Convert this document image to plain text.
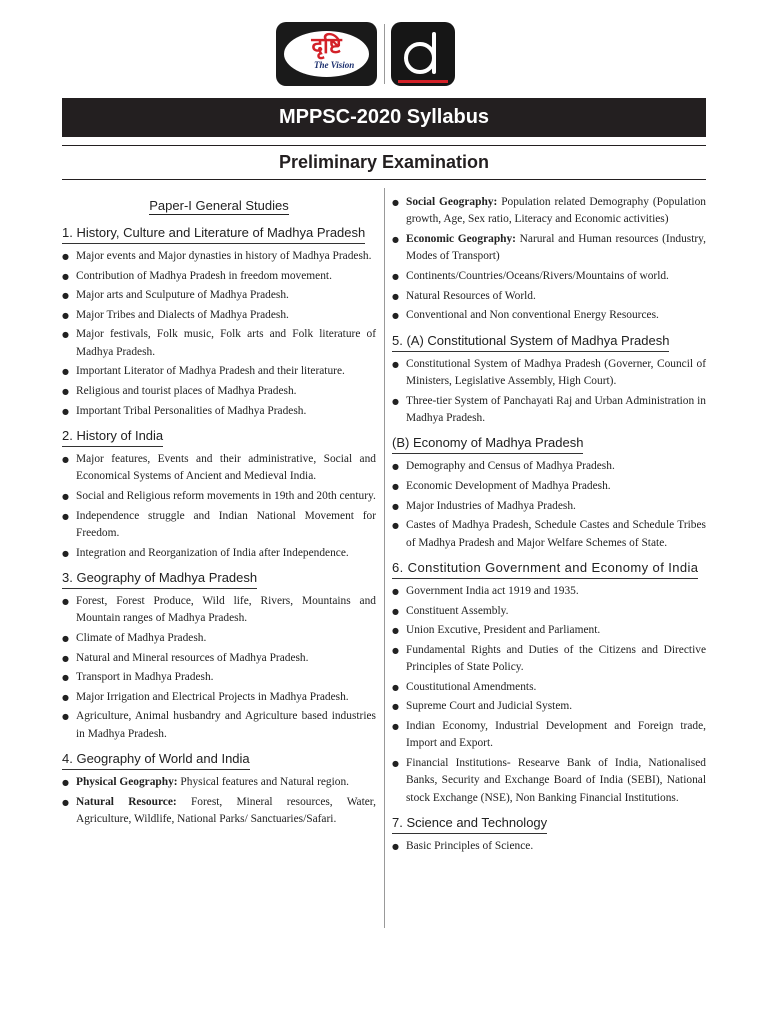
दृष्टि
The Vision
MPPSC-2020 Syllabus
Preliminary Examination
Paper-I General Studies
1. History, Culture and Literature of Madhya Pradesh
● Major events and Major dynasties in history of Madhya Pradesh.
● Contribution of Madhya Pradesh in freedom movement.
● Major arts and Sculputure of Madhya Pradesh.
● Major Tribes and Dialects of Madhya Pradesh.
● Major festivals, Folk music, Folk arts and Folk literature of Madhya Pradesh.
● Important Literator of Madhya Pradesh and their literature.
● Religious and tourist places of Madhya Pradesh.
● Important Tribal Personalities of Madhya Pradesh.
2. History of India
● Major features, Events and their administrative, Social and Economical Systems of Ancient and Medieval India.
● Social and Religious reform movements in 19th and 20th century.
● Independence struggle and Indian National Movement for Freedom.
● Integration and Reorganization of India after Independence.
3. Geography of Madhya Pradesh
● Forest, Forest Produce, Wild life, Rivers, Mountains and Mountain ranges of Madhya Pradesh.
● Climate of Madhya Pradesh.
● Natural and Mineral resources of Madhya Pradesh.
● Transport in Madhya Pradesh.
● Major Irrigation and Electrical Projects in Madhya Pradesh.
● Agriculture, Animal husbandry and Agriculture based industries in Madhya Pradesh.
4. Geography of World and India
● Physical Geography: Physical features and Natural region.
● Natural Resource: Forest, Mineral resources, Water, Agriculture, Wildlife, National Parks/ Sanctuaries/Safari.
● Social Geography: Population related Demography (Population growth, Age, Sex ratio, Literacy and Economic activities)
● Economic Geography: Narural and Human resources (Industry, Modes of Transport)
● Continents/Countries/Oceans/Rivers/Mountains of world.
● Natural Resources of World.
● Conventional and Non conventional Energy Resources.
5. (A) Constitutional System of Madhya Pradesh
● Constitutional System of Madhya Pradesh (Governer, Council of Ministers, Legislative Assembly, High Court).
● Three-tier System of Panchayati Raj and Urban Administration in Madhya Pradesh.
(B) Economy of Madhya Pradesh
● Demography and Census of Madhya Pradesh.
● Economic Development of Madhya Pradesh.
● Major Industries of Madhya Pradesh.
● Castes of Madhya Pradesh, Schedule Castes and Schedule Tribes of Madhya Pradesh and Major Welfare Schemes of State.
6. Constitution Government and Economy of India
● Government India act 1919 and 1935.
● Constituent Assembly.
● Union Excutive, President and Parliament.
● Fundamental Rights and Duties of the Citizens and Directive Principles of State Policy.
● Coustitutional Amendments.
● Supreme Court and Judicial System.
● Indian Economy, Industrial Development and Foreign trade, Import and Export.
● Financial Institutions- Researve Bank of India, Nationalised Banks, Security and Exchange Board of India (SEBI), National stock Exchange (NSE), Non Banking Financial Institutions.
7. Science and Technology
● Basic Principles of Science.
